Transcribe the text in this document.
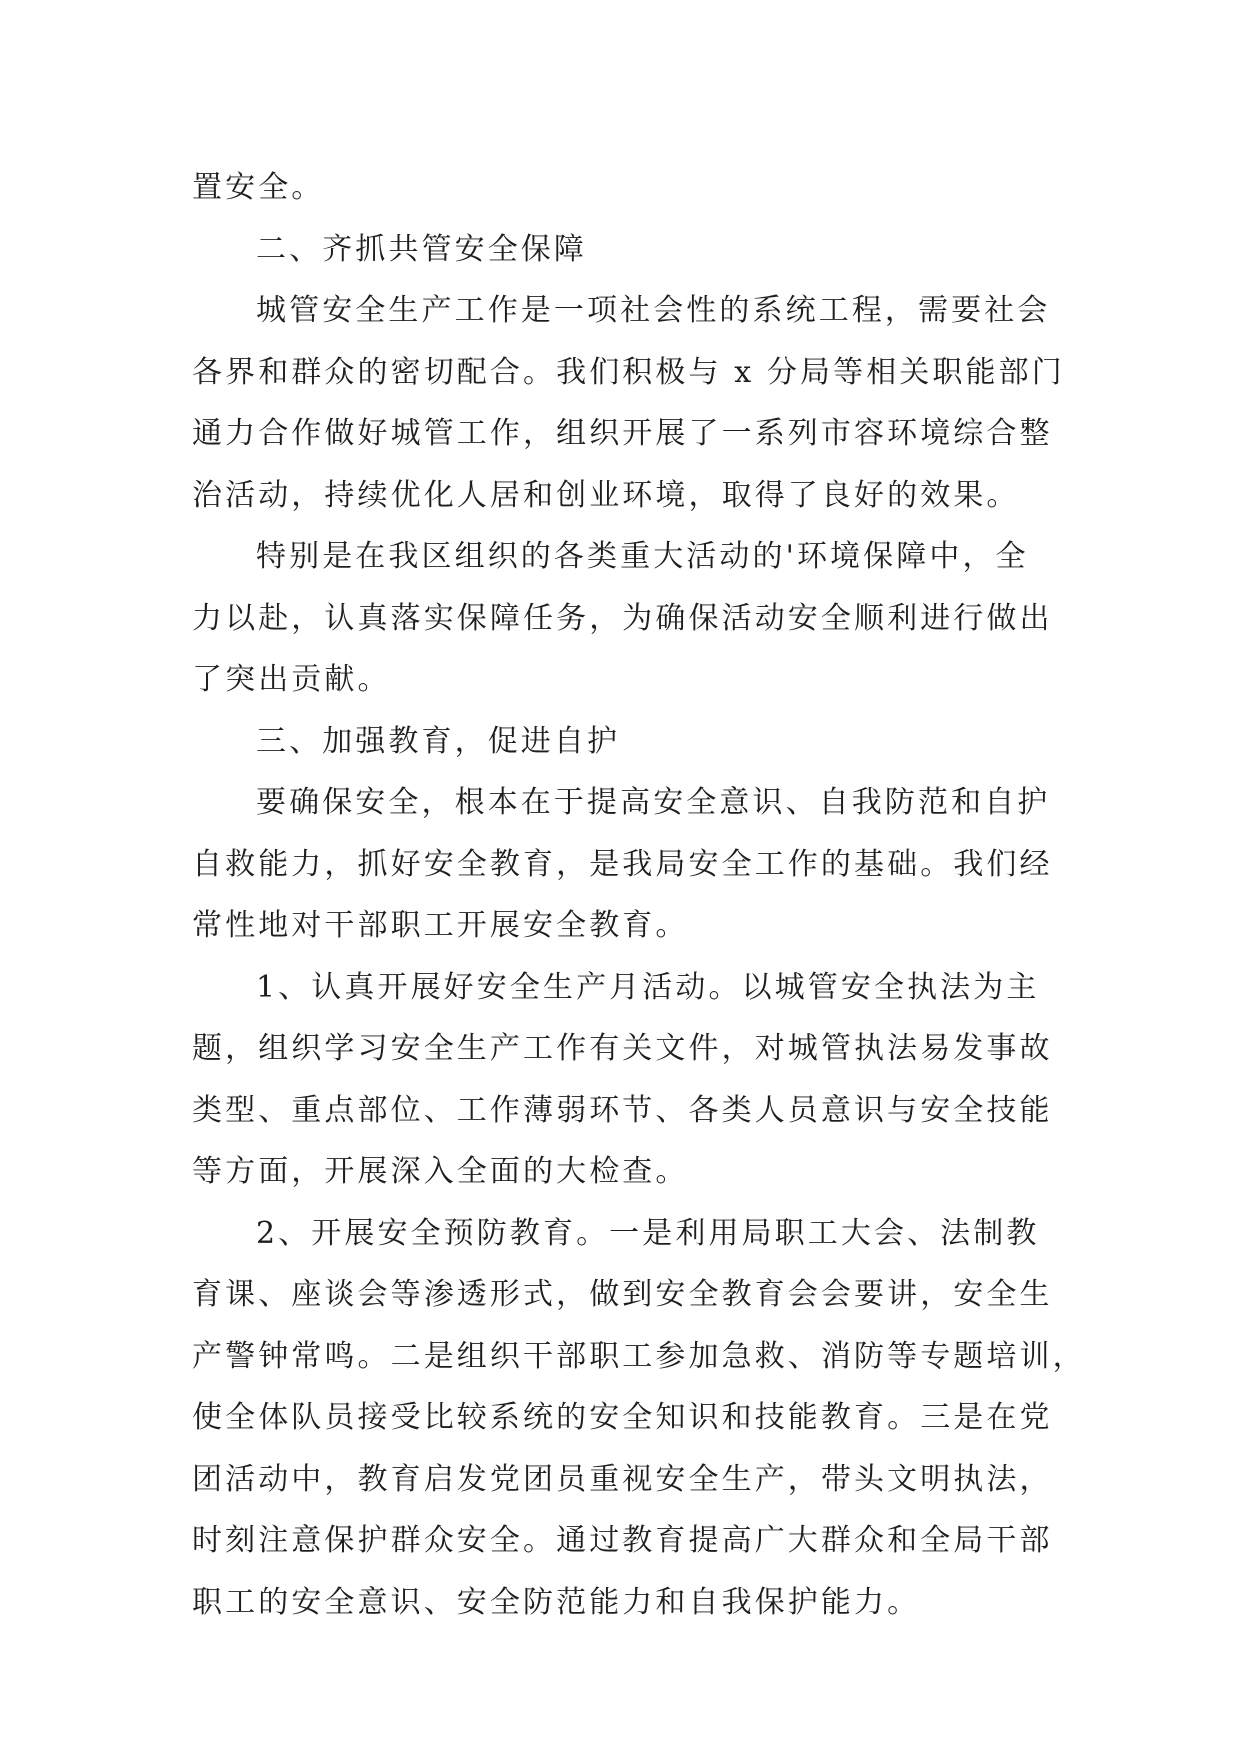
置安全。
二、齐抓共管安全保障
城管安全生产工作是一项社会性的系统工程，需要社会
各界和群众的密切配合。我们积极与 x 分局等相关职能部门
通力合作做好城管工作，组织开展了一系列市容环境综合整
治活动，持续优化人居和创业环境，取得了良好的效果。
特别是在我区组织的各类重大活动的'环境保障中，全
力以赴，认真落实保障任务，为确保活动安全顺利进行做出
了突出贡献。
三、加强教育，促进自护
要确保安全，根本在于提高安全意识、自我防范和自护
自救能力，抓好安全教育，是我局安全工作的基础。我们经
常性地对干部职工开展安全教育。
1、认真开展好安全生产月活动。以城管安全执法为主
题，组织学习安全生产工作有关文件，对城管执法易发事故
类型、重点部位、工作薄弱环节、各类人员意识与安全技能
等方面，开展深入全面的大检查。
2、开展安全预防教育。一是利用局职工大会、法制教
育课、座谈会等渗透形式，做到安全教育会会要讲，安全生
产警钟常鸣。二是组织干部职工参加急救、消防等专题培训，
使全体队员接受比较系统的安全知识和技能教育。三是在党
团活动中，教育启发党团员重视安全生产，带头文明执法，
时刻注意保护群众安全。通过教育提高广大群众和全局干部
职工的安全意识、安全防范能力和自我保护能力。
